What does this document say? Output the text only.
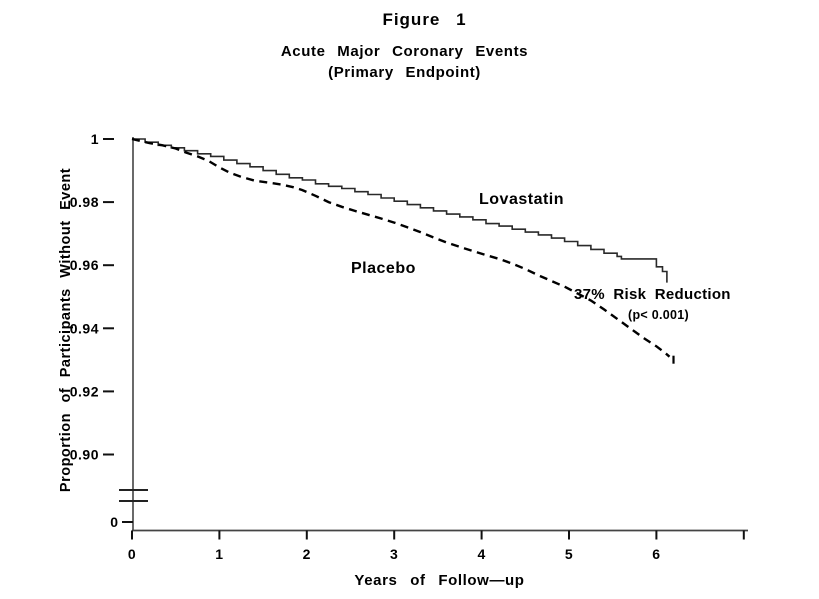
Figure 1
Acute Major Coronary Events
(Primary Endpoint)
Proportion of Participants Without Event
0	1	2	3	4	5	6
1
0.98
0.96
0.94
0.92
0.90
0
Lovastatin
Placebo
37% Risk Reduction
(p< 0.001)
Years of Follow—up
